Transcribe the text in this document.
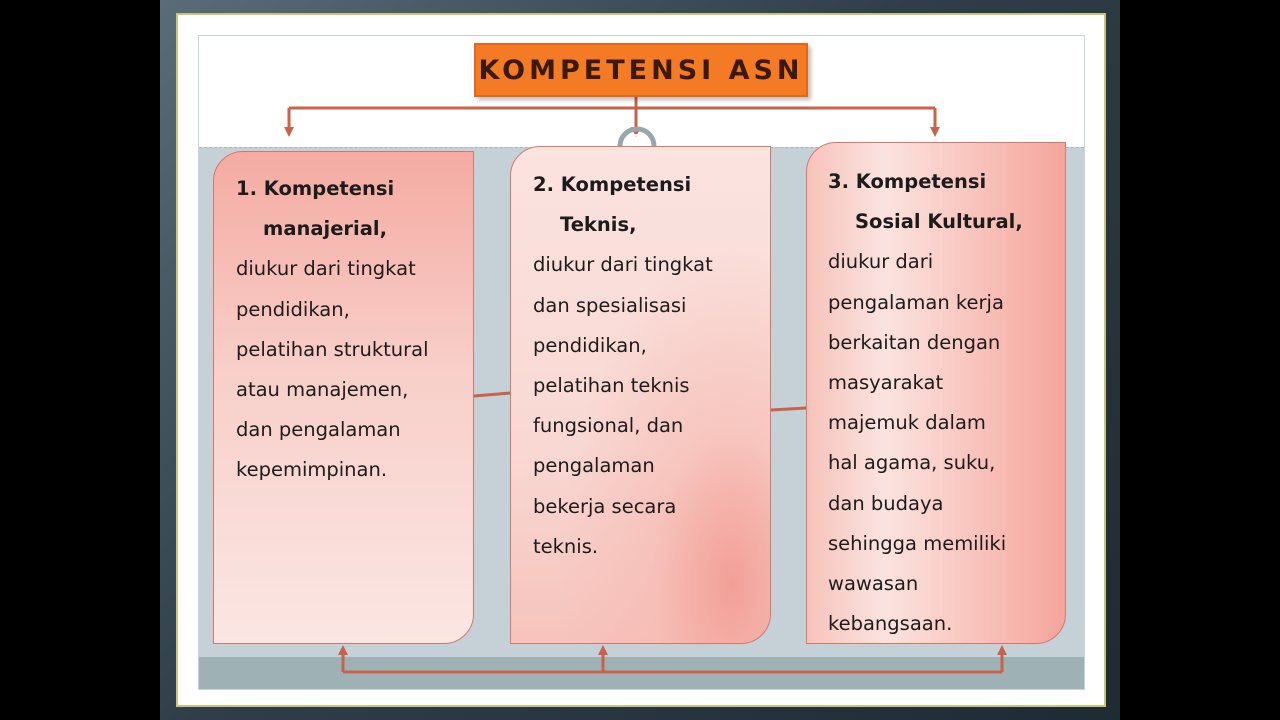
KOMPETENSI ASN
1. Kompetensi
manajerial,
diukur dari tingkat
pendidikan,
pelatihan struktural
atau manajemen,
dan pengalaman
kepemimpinan.
2. Kompetensi
Teknis,
diukur dari tingkat
dan spesialisasi
pendidikan,
pelatihan teknis
fungsional, dan
pengalaman
bekerja secara
teknis.
3. Kompetensi
Sosial Kultural,
diukur dari
pengalaman kerja
berkaitan dengan
masyarakat
majemuk dalam
hal agama, suku,
dan budaya
sehingga memiliki
wawasan
kebangsaan.
